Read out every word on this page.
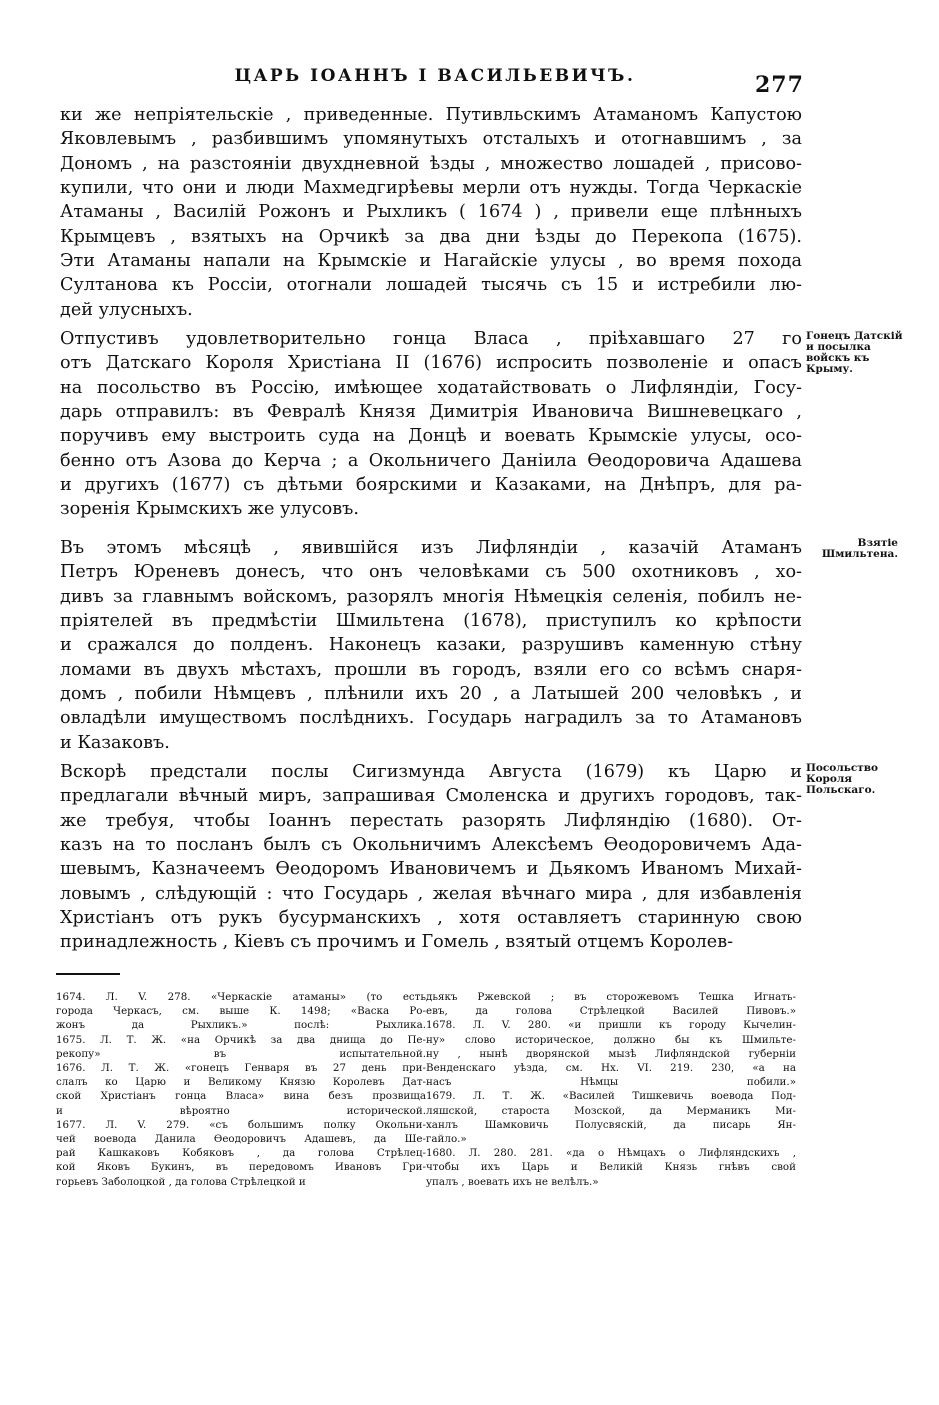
ЦАРЬ ІОАННЪ І ВАСИЛЬЕВИЧЪ.	277
ки же непріятельскіе , приведенные. Путивльскимъ Атаманомъ Капустою
Яковлевымъ , разбившимъ упомянутыхъ отсталыхъ и отогнавшимъ , за
Дономъ , на разстояніи двухдневной ѣзды , множество лошадей , присово-
купили, что они и люди Махмедгирѣевы мерли отъ нужды. Тогда Черкаскіе
Атаманы , Василій Рожонъ и Рыхликъ ( 1674 ) , привели еще плѣнныхъ
Крымцевъ , взятыхъ на Орчикѣ за два дни ѣзды до Перекопа (1675).
Эти Атаманы напали на Крымскіе и Нагайскіе улусы , во время похода
Султанова къ Россіи, отогнали лошадей тысячь съ 15 и истребили лю-
дей улусныхъ.
Отпустивъ удовлетворительно гонца Власа , пріѣхавшаго 27 го
отъ Датскаго Короля Христіана II (1676) испросить позволеніе и опасъ
на посольство въ Россію, имѣющее ходатайствовать о Лифляндіи, Госу-
дарь отправилъ: въ Февралѣ Князя Димитрія Ивановича Вишневецкаго ,
поручивъ ему выстроить суда на Донцѣ и воевать Крымскіе улусы, осо-
бенно отъ Азова до Керча ; а Окольничего Даніила Ѳеодоровича Адашева
и другихъ (1677) съ дѣтьми боярскими и Казаками, на Днѣпръ, для ра-
зоренія Крымскихъ же улусовъ.
Въ этомъ мѣсяцѣ , явившійся изъ Лифляндіи , казачій Атаманъ
Петръ Юреневъ донесъ, что онъ человѣками съ 500 охотниковъ , хо-
дивъ за главнымъ войскомъ, разорялъ многія Нѣмецкія селенія, побилъ не-
пріятелей въ предмѣстіи Шмильтена (1678), приступилъ ко крѣпости
и сражался до полденъ. Наконецъ казаки, разрушивъ каменную стѣну
ломами въ двухъ мѣстахъ, прошли въ городъ, взяли его со всѣмъ снаря-
домъ , побили Нѣмцевъ , плѣнили ихъ 20 , а Латышей 200 человѣкъ , и
овладѣли имуществомъ послѣднихъ. Государь наградилъ за то Атамановъ
и Казаковъ.
Вскорѣ предстали послы Сигизмунда Августа (1679) къ Царю и
предлагали вѣчный миръ, запрашивая Смоленска и другихъ городовъ, так-
же требуя, чтобы Іоаннъ перестать разорять Лифляндію (1680). От-
казъ на то посланъ былъ съ Окольничимъ Алексѣемъ Ѳеодоровичемъ Ада-
шевымъ, Казначеемъ Ѳеодоромъ Ивановичемъ и Дьякомъ Иваномъ Михай-
ловымъ , слѣдующій : что Государь , желая вѣчнаго мира , для избавленія
Христіанъ отъ рукъ бусурманскихъ , хотя оставляетъ старинную свою
принадлежность , Кіевъ съ прочимъ и Гомель , взятый отцемъ Королев-
Гонецъ Датскій и посылка войскъ къ Крыму.
Взятіе Шмильтена.
Посольство Короля Польскаго.
1674. Л. V. 278. «Черкаскіе атаманы» (то есть
города Черкасъ, см. выше К. 1498; «Васка Ро-
жонъ да Рыхликъ.» послѣ: Рыхлика.
1675. Л. Т. Ж. «на Орчикѣ за два днища до Пе-
рекопу» въ испытательной.
1676. Л. Т. Ж. «гонецъ Генваря въ 27 день при-
слалъ ко Царю и Великому Князю Королевъ Дат-
ской Христіанъ гонца Власа» вина безъ прозвища
и вѣроятно исторической.
1677. Л. V. 279. «съ большимъ полку Окольни-
чей воевода Данила Ѳеодоровичъ Адашевъ, да Ше-
рай Кашкаковъ Кобяковъ , да голова Стрѣлец-
кой Яковъ Букинъ, въ передовомъ Ивановъ Гри-
горьевъ Заболоцкой , да голова Стрѣлецкой и
дьякъ Ржевской ; въ сторожевомъ Тешка Игнать-
евъ, да голова Стрѣлецкой Василей Пивовъ.»
1678. Л. V. 280. «и пришли къ городу Кычелин-
ну» слово историческое, должно бы къ Шмильте-
ну , нынѣ дворянской мызѣ Лифляндской губерніи
Венденскаго уѣзда, см. Нх. VI. 219. 230, «а на
насъ Нѣмцы побили.»
1679. Л. Т. Ж. «Василей Тишкевичь воевода Под-
ляшской, староста Мозской, да Мерманикъ Ми-
ханлъ Шамковичь Полусвяскій, да писарь Ян-
гайло.»
1680. Л. 280. 281. «да о Нѣмцахъ о Лифляндскихъ ,
чтобы ихъ Царь и Великій Князь гнѣвъ свой
упалъ , воевать ихъ не велѣлъ.»
